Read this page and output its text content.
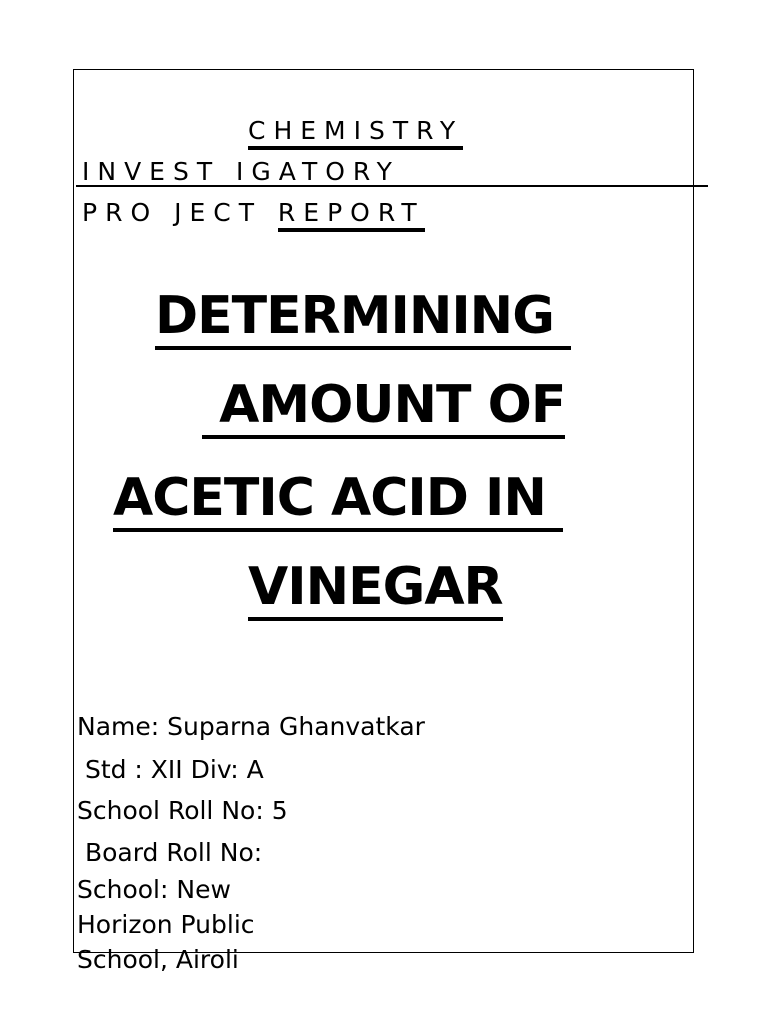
CHEMISTRY
INVEST IGATORY
PRO JECT REPORT
DETERMINING
AMOUNT OF
ACETIC ACID IN
VINEGAR
Name: Suparna Ghanvatkar
Std : XII Div: A
School Roll No: 5
Board Roll No:
School: New
Horizon Public
School, Airoli
